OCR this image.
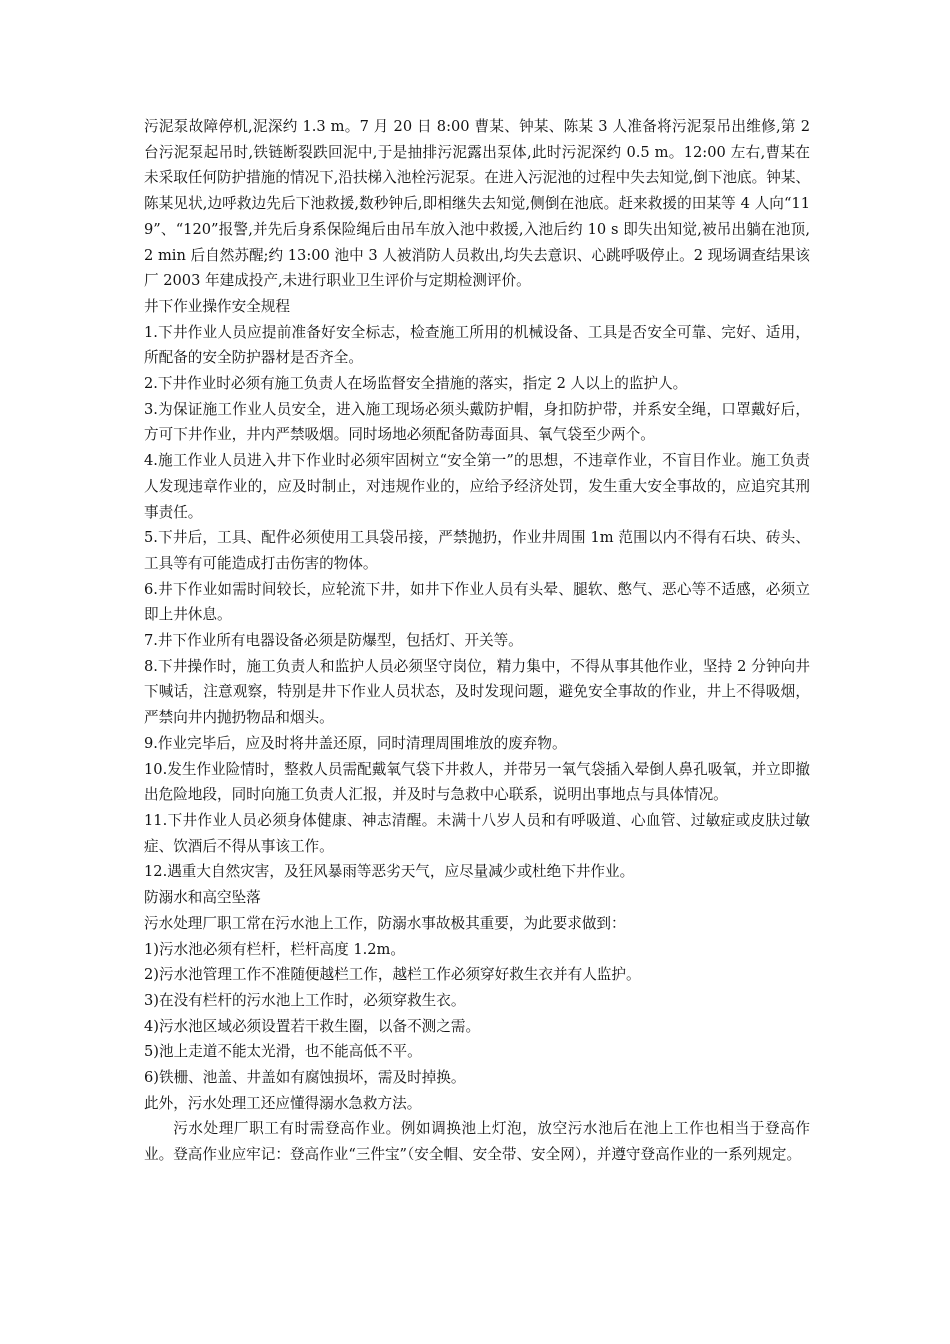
污泥泵故障停机,泥深约 1.3 m。7 月 20 日 8:00 曹某、钟某、陈某 3 人准备将污泥泵吊出维修,第 2 台污泥泵起吊时,铁链断裂跌回泥中,于是抽排污泥露出泵体,此时污泥深约 0.5 m。12:00 左右,曹某在未采取任何防护措施的情况下,沿扶梯入池栓污泥泵。在进入污泥池的过程中失去知觉,倒下池底。钟某、陈某见状,边呼救边先后下池救援,数秒钟后,即相继失去知觉,侧倒在池底。赶来救援的田某等 4 人向“119”、“120”报警,并先后身系保险绳后由吊车放入池中救援,入池后约 10 s 即失出知觉,被吊出躺在池顶,2 min 后自然苏醒;约 13:00 池中 3 人被消防人员救出,均失去意识、心跳呼吸停止。2 现场调查结果该厂 2003 年建成投产,未进行职业卫生评价与定期检测评价。

井下作业操作安全规程

1.下井作业人员应提前准备好安全标志，检查施工所用的机械设备、工具是否安全可靠、完好、适用，所配备的安全防护器材是否齐全。

2.下井作业时必须有施工负责人在场监督安全措施的落实，指定 2 人以上的监护人。

3.为保证施工作业人员安全，进入施工现场必须头戴防护帽，身扣防护带，并系安全绳，口罩戴好后，方可下井作业，井内严禁吸烟。同时场地必须配备防毒面具、氧气袋至少两个。

4.施工作业人员进入井下作业时必须牢固树立“安全第一”的思想，不违章作业，不盲目作业。施工负责人发现违章作业的，应及时制止，对违规作业的，应给予经济处罚，发生重大安全事故的，应追究其刑事责任。

5.下井后，工具、配件必须使用工具袋吊接，严禁抛扔，作业井周围 1m 范围以内不得有石块、砖头、工具等有可能造成打击伤害的物体。

6.井下作业如需时间较长，应轮流下井，如井下作业人员有头晕、腿软、憋气、恶心等不适感，必须立即上井休息。

7.井下作业所有电器设备必须是防爆型，包括灯、开关等。

8.下井操作时，施工负责人和监护人员必须坚守岗位，精力集中，不得从事其他作业，坚持 2 分钟向井下喊话，注意观察，特别是井下作业人员状态，及时发现问题，避免安全事故的作业，井上不得吸烟，严禁向井内抛扔物品和烟头。

9.作业完毕后，应及时将井盖还原，同时清理周围堆放的废弃物。

10.发生作业险情时，整救人员需配戴氧气袋下井救人，并带另一氧气袋插入晕倒人鼻孔吸氧，并立即撤出危险地段，同时向施工负责人汇报，并及时与急救中心联系，说明出事地点与具体情况。

11.下井作业人员必须身体健康、神志清醒。未满十八岁人员和有呼吸道、心血管、过敏症或皮肤过敏症、饮酒后不得从事该工作。

12.遇重大自然灾害，及狂风暴雨等恶劣天气，应尽量减少或杜绝下井作业。

防溺水和高空坠落

污水处理厂职工常在污水池上工作，防溺水事故极其重要，为此要求做到：

1)污水池必须有栏杆，栏杆高度 1.2m。

2)污水池管理工作不准随便越栏工作，越栏工作必须穿好救生衣并有人监护。

3)在没有栏杆的污水池上工作时，必须穿救生衣。

4)污水池区域必须设置若干救生圈，以备不测之需。

5)池上走道不能太光滑，也不能高低不平。

6)铁栅、池盖、井盖如有腐蚀损坏，需及时掉换。

此外，污水处理工还应懂得溺水急救方法。

污水处理厂职工有时需登高作业。例如调换池上灯泡，放空污水池后在池上工作也相当于登高作业。登高作业应牢记：登高作业“三件宝”（安全帽、安全带、安全网），并遵守登高作业的一系列规定。
